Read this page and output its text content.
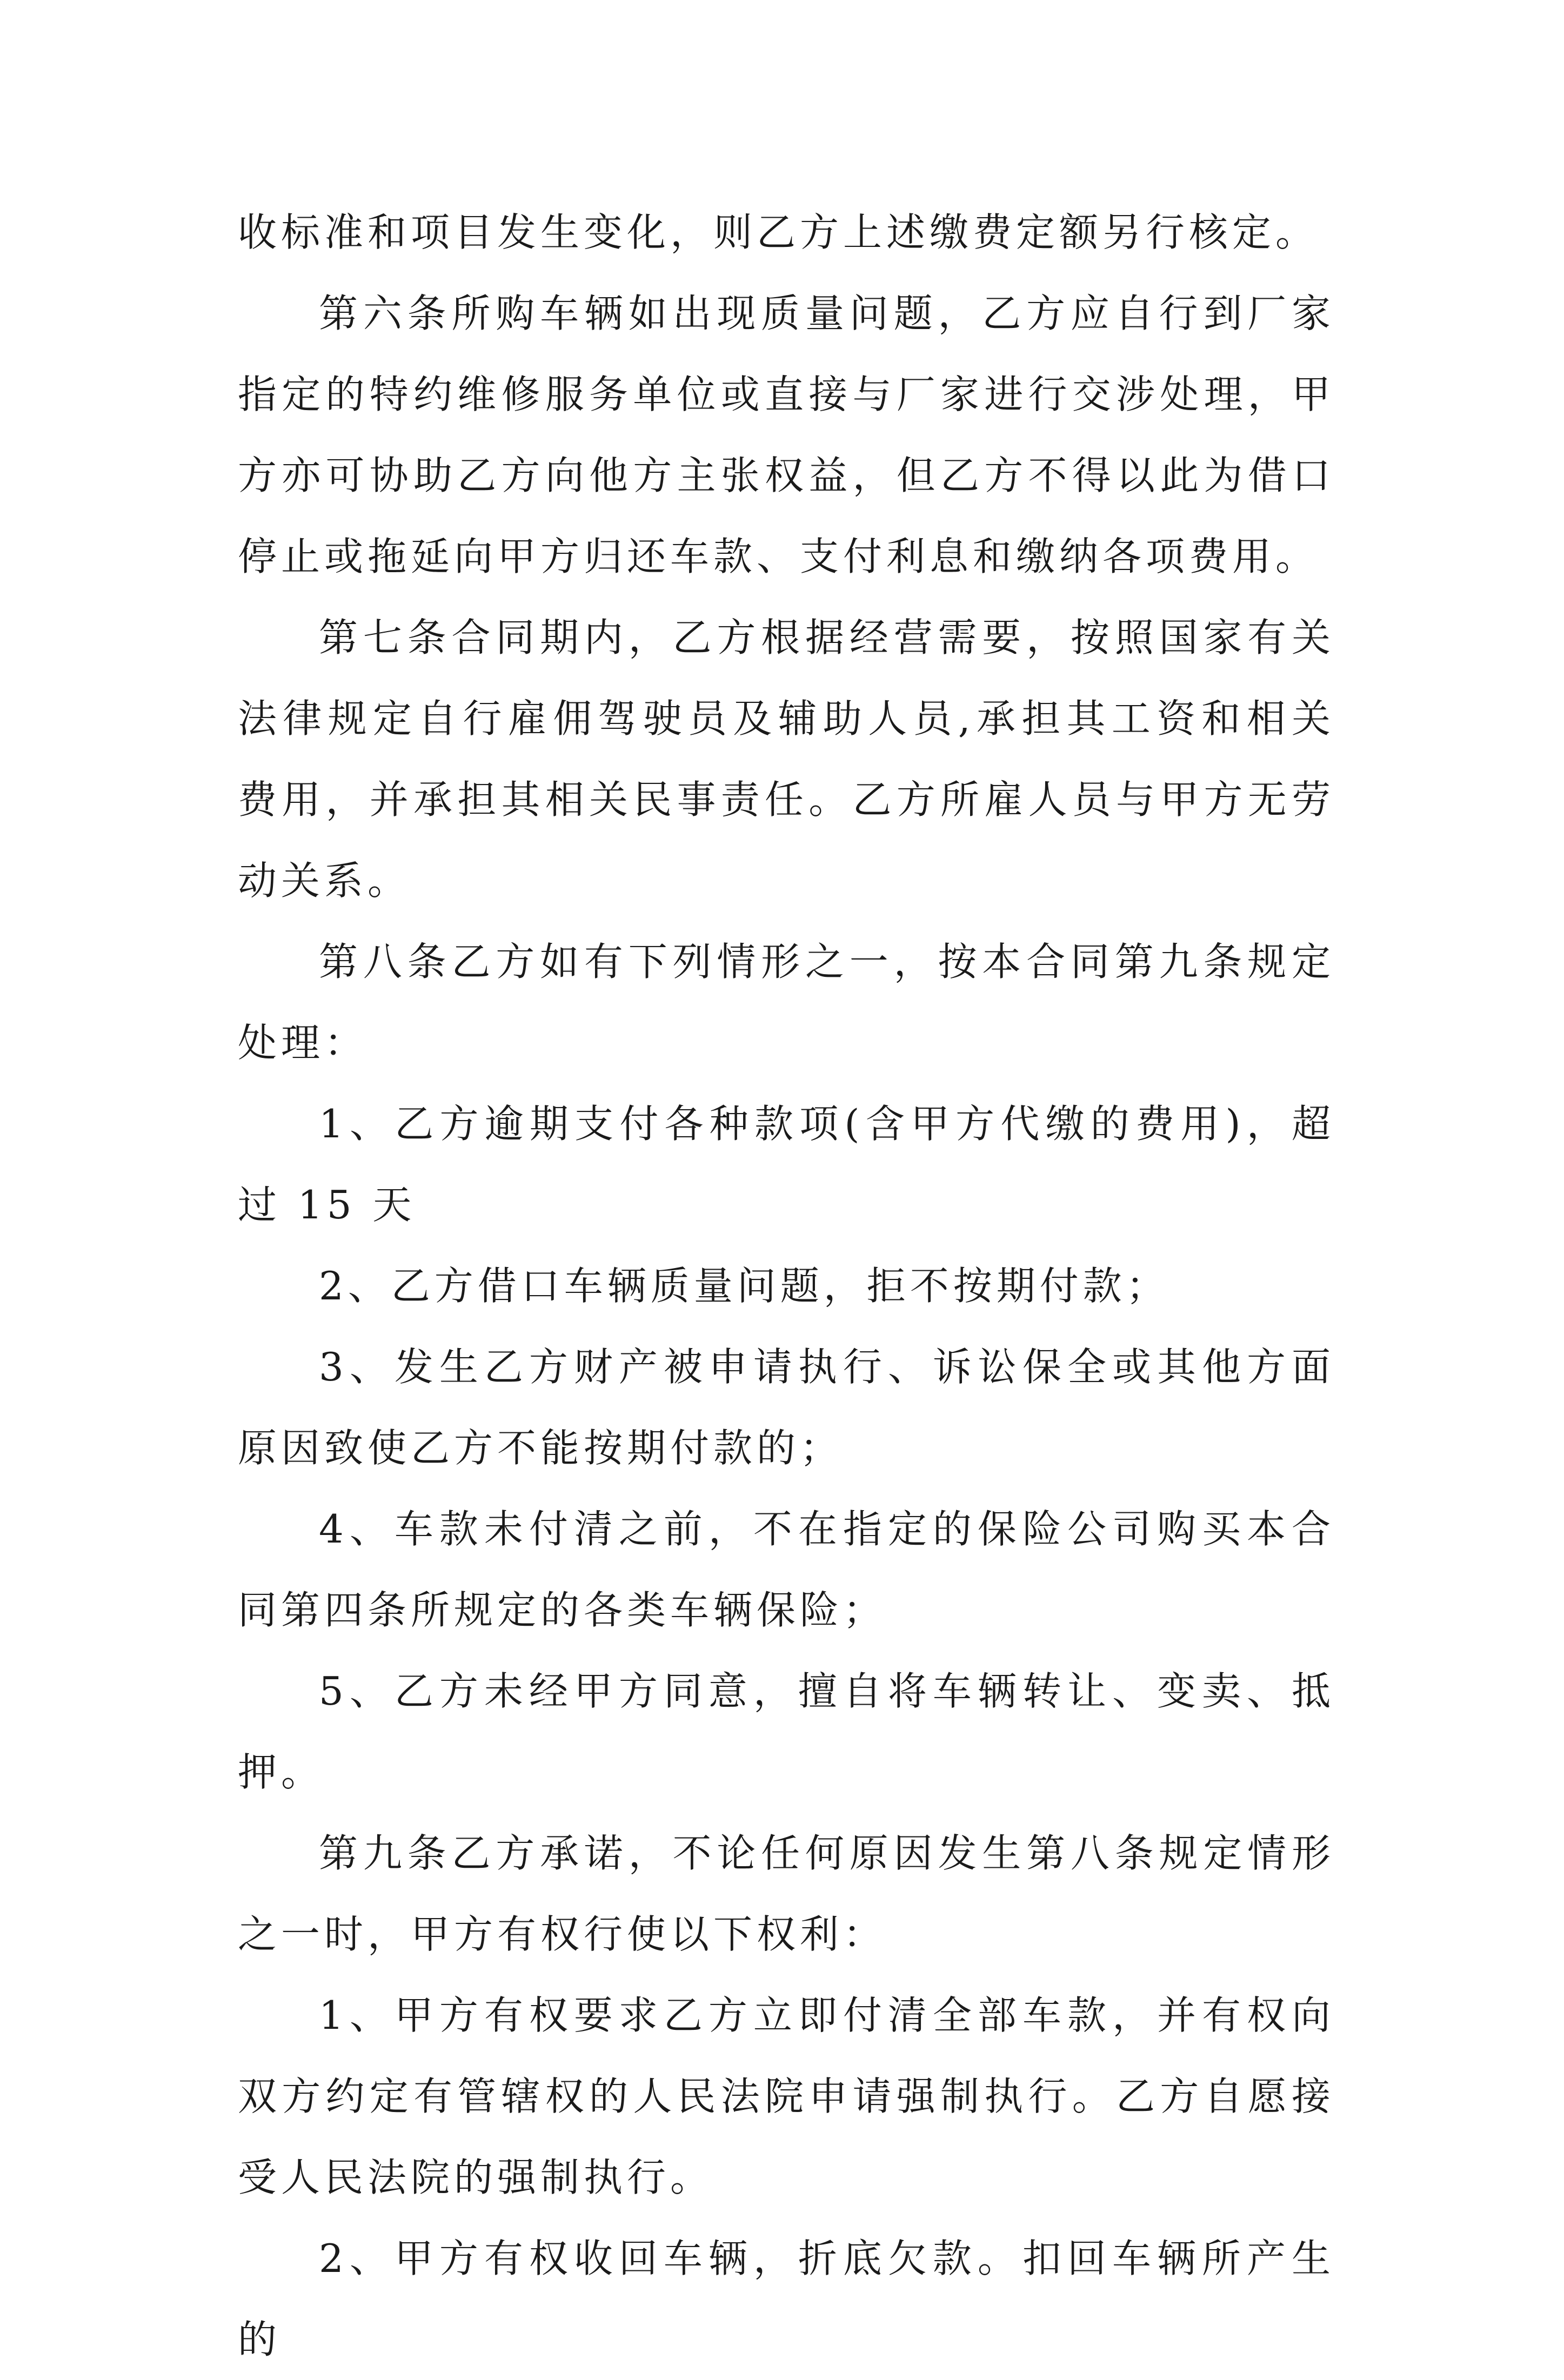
收标准和项目发生变化，则乙方上述缴费定额另行核定。

第六条所购车辆如出现质量问题，乙方应自行到厂家指定的特约维修服务单位或直接与厂家进行交涉处理，甲方亦可协助乙方向他方主张权益，但乙方不得以此为借口停止或拖延向甲方归还车款、支付利息和缴纳各项费用。

第七条合同期内，乙方根据经营需要，按照国家有关法律规定自行雇佣驾驶员及辅助人员,承担其工资和相关费用，并承担其相关民事责任。乙方所雇人员与甲方无劳动关系。

第八条乙方如有下列情形之一，按本合同第九条规定处理：

1、乙方逾期支付各种款项(含甲方代缴的费用)，超过 15 天

2、乙方借口车辆质量问题，拒不按期付款；

3、发生乙方财产被申请执行、诉讼保全或其他方面原因致使乙方不能按期付款的；

4、车款未付清之前，不在指定的保险公司购买本合同第四条所规定的各类车辆保险；

5、乙方未经甲方同意，擅自将车辆转让、变卖、抵押。

第九条乙方承诺，不论任何原因发生第八条规定情形之一时，甲方有权行使以下权利：

1、甲方有权要求乙方立即付清全部车款，并有权向双方约定有管辖权的人民法院申请强制执行。乙方自愿接受人民法院的强制执行。

2、甲方有权收回车辆，折底欠款。扣回车辆所产生的
